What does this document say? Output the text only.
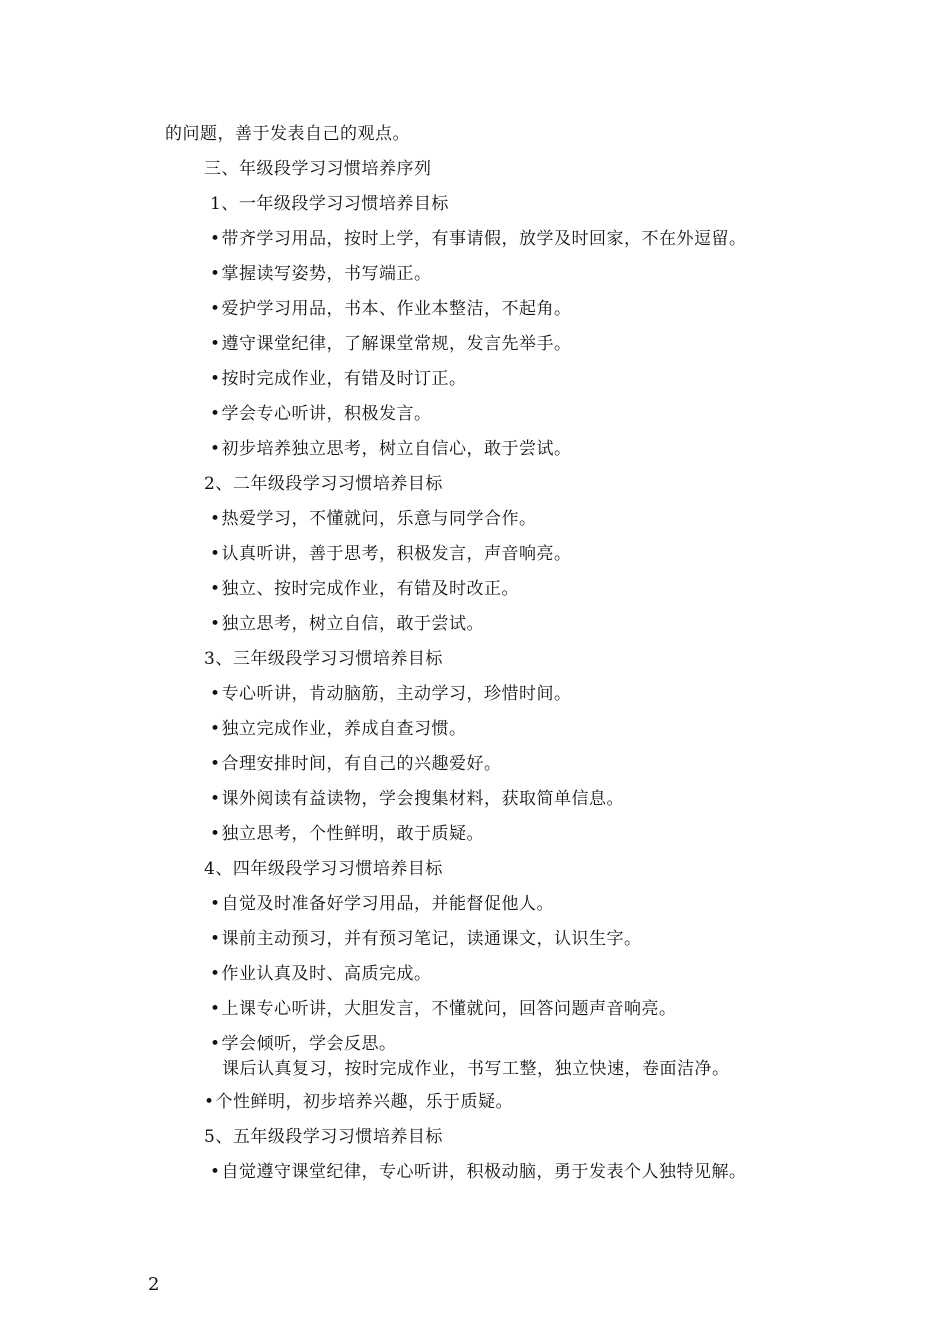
的问题，善于发表自己的观点。
三、年级段学习习惯培养序列
1、一年级段学习习惯培养目标
• 带齐学习用品，按时上学，有事请假，放学及时回家，不在外逗留。
• 掌握读写姿势，书写端正。
• 爱护学习用品，书本、作业本整洁，不起角。
• 遵守课堂纪律，了解课堂常规，发言先举手。
• 按时完成作业，有错及时订正。
• 学会专心听讲，积极发言。
• 初步培养独立思考，树立自信心，敢于尝试。
2、二年级段学习习惯培养目标
• 热爱学习，不懂就问，乐意与同学合作。
• 认真听讲，善于思考，积极发言，声音响亮。
• 独立、按时完成作业，有错及时改正。
• 独立思考，树立自信，敢于尝试。
3、三年级段学习习惯培养目标
• 专心听讲，肯动脑筋，主动学习，珍惜时间。
• 独立完成作业，养成自查习惯。
• 合理安排时间，有自己的兴趣爱好。
• 课外阅读有益读物，学会搜集材料，获取简单信息。
• 独立思考，个性鲜明，敢于质疑。
4、四年级段学习习惯培养目标
• 自觉及时准备好学习用品，并能督促他人。
• 课前主动预习，并有预习笔记，读通课文，认识生字。
• 作业认真及时、高质完成。
• 上课专心听讲，大胆发言，不懂就问，回答问题声音响亮。
• 学会倾听，学会反思。
课后认真复习，按时完成作业，书写工整，独立快速，卷面洁净。
• 个性鲜明，初步培养兴趣，乐于质疑。
5、五年级段学习习惯培养目标
• 自觉遵守课堂纪律，专心听讲，积极动脑，勇于发表个人独特见解。
2
